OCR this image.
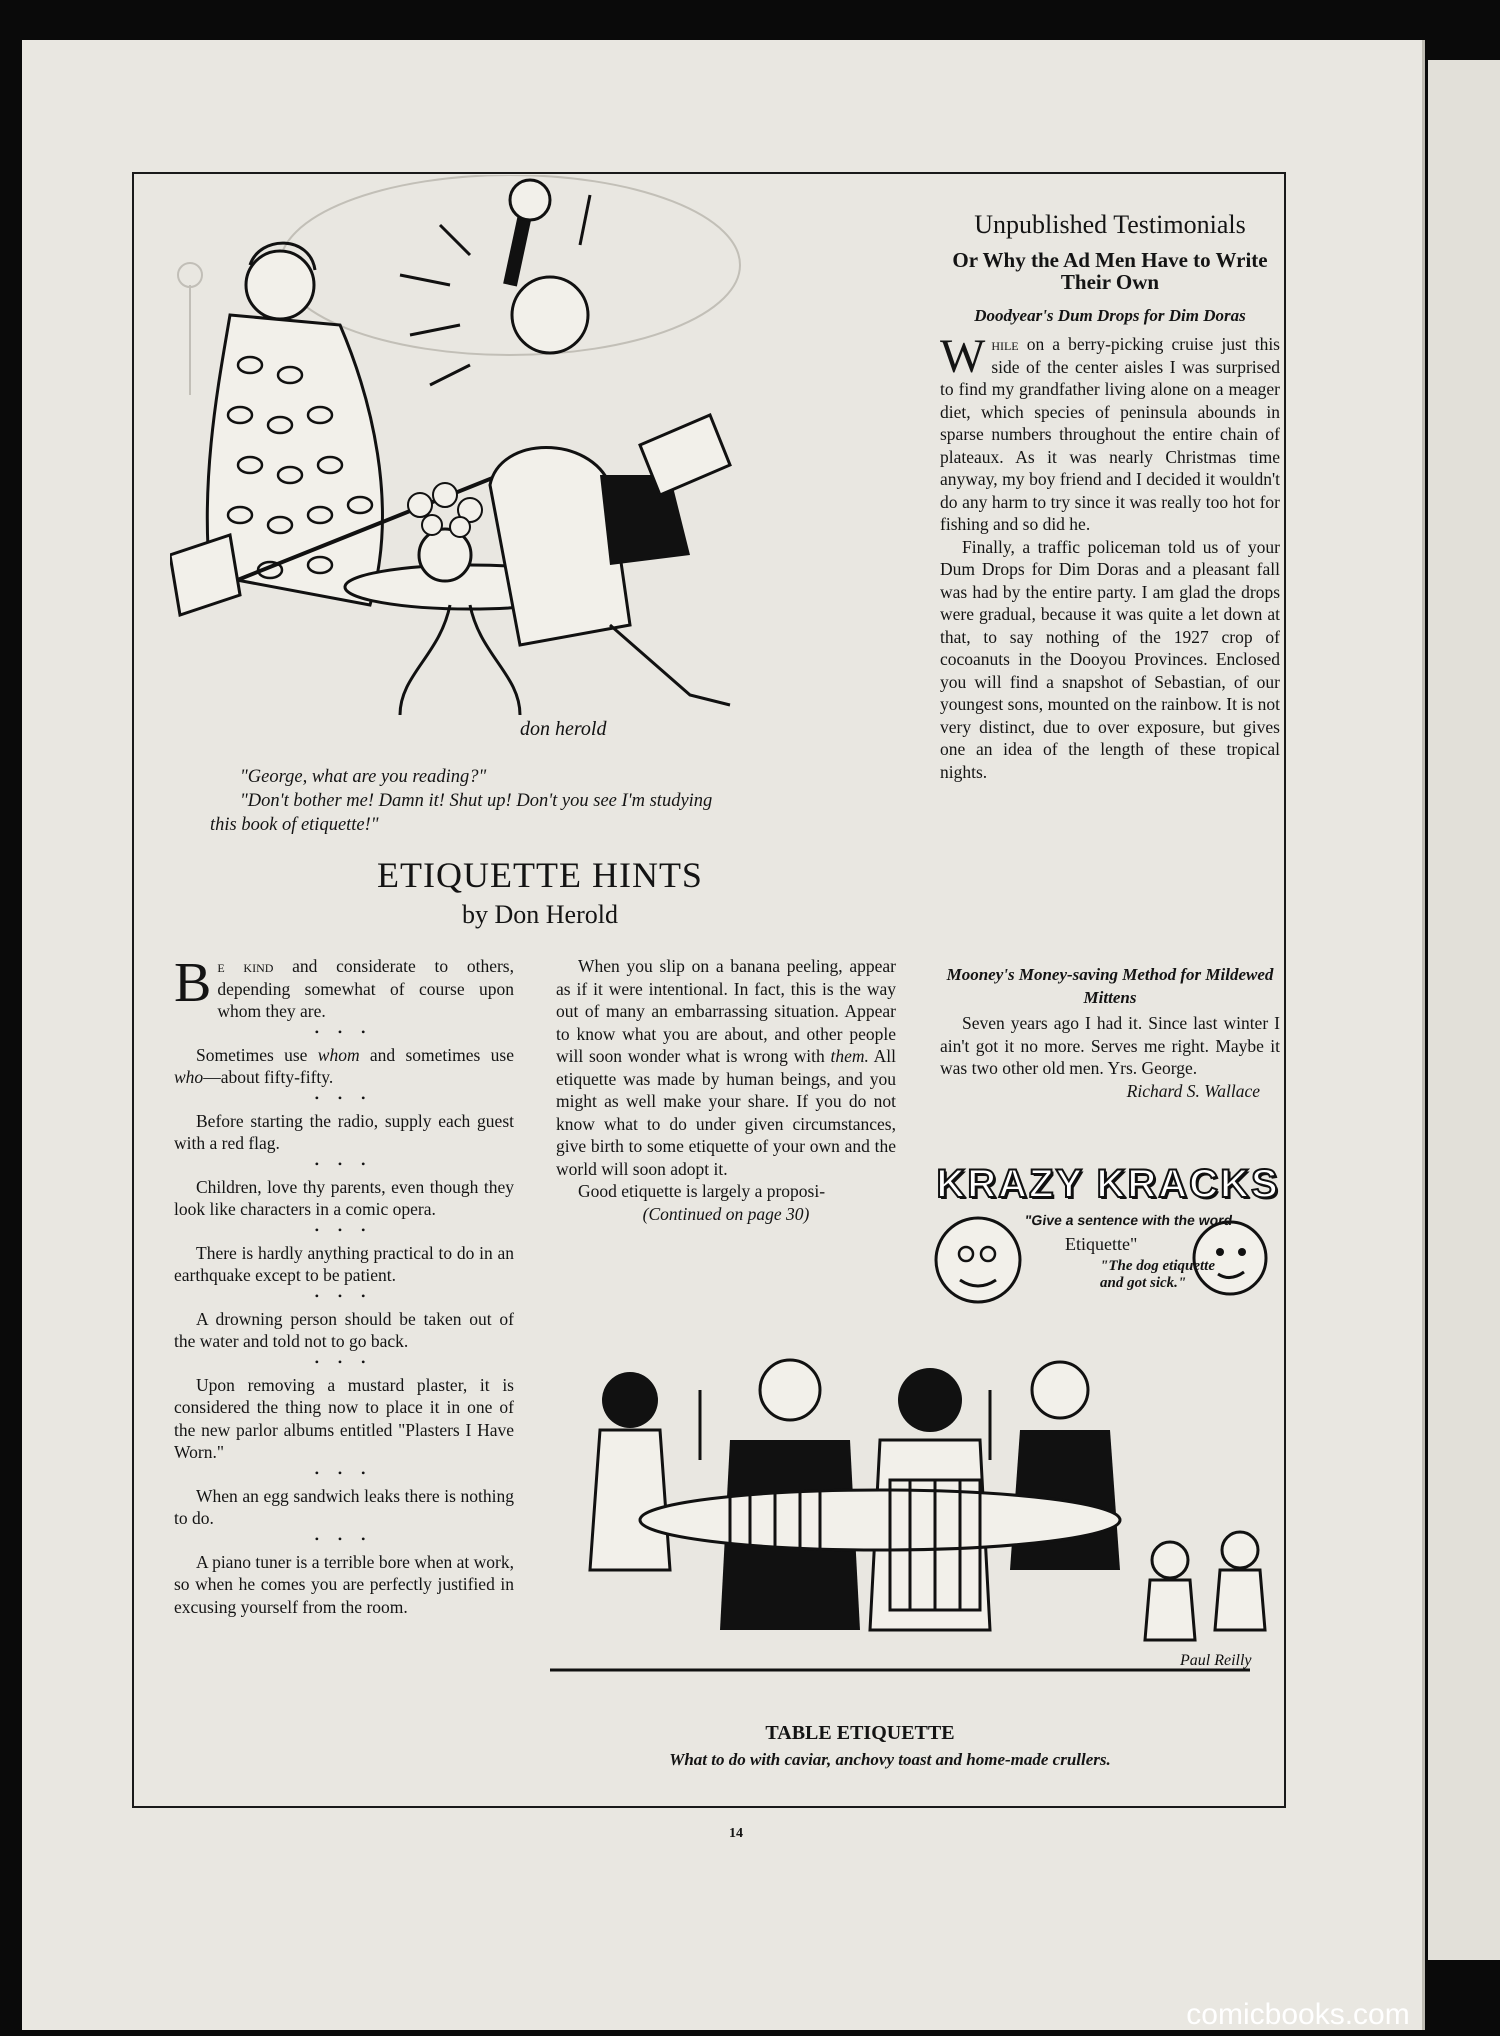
don herold
"George, what are you reading?"
"Don't bother me! Damn it! Shut up! Don't you see I'm studying
this book of etiquette!"
ETIQUETTE HINTS
by Don Herold

Be kind and considerate to others, depending somewhat of course upon whom they are.

• • •

Sometimes use whom and sometimes use who—about fifty-fifty.

• • •

Before starting the radio, supply each guest with a red flag.

• • •

Children, love thy parents, even though they look like characters in a comic opera.

• • •

There is hardly anything practical to do in an earthquake except to be patient.

• • •

A drowning person should be taken out of the water and told not to go back.

• • •

Upon removing a mustard plaster, it is considered the thing now to place it in one of the new parlor albums entitled "Plasters I Have Worn."

• • •

When an egg sandwich leaks there is nothing to do.

• • •

A piano tuner is a terrible bore when at work, so when he comes you are perfectly justified in excusing yourself from the room.

When you slip on a banana peeling, appear as if it were intentional. In fact, this is the way out of many an embarrassing situation. Appear to know what you are about, and other people will soon wonder what is wrong with them. All etiquette was made by human beings, and you might as well make your share. If you do not know what to do under given circumstances, give birth to some etiquette of your own and the world will soon adopt it.

Good etiquette is largely a proposi-

(Continued on page 30)

Unpublished Testimonials
Or Why the Ad Men Have to Write Their Own
Doodyear's Dum Drops for Dim Doras

While on a berry-picking cruise just this side of the center aisles I was surprised to find my grandfather living alone on a meager diet, which species of peninsula abounds in sparse numbers throughout the entire chain of plateaux. As it was nearly Christmas time anyway, my boy friend and I decided it wouldn't do any harm to try since it was really too hot for fishing and so did he.

Finally, a traffic policeman told us of your Dum Drops for Dim Doras and a pleasant fall was had by the entire party. I am glad the drops were gradual, because it was quite a let down at that, to say nothing of the 1927 crop of cocoanuts in the Dooyou Provinces. Enclosed you will find a snapshot of Sebastian, of our youngest sons, mounted on the rainbow. It is not very distinct, due to over exposure, but gives one an idea of the length of these tropical nights.

Mooney's Money-saving Method for Mildewed Mittens

Seven years ago I had it. Since last winter I ain't got it no more. Serves me right. Maybe it was two other old men. Yrs. George.

Richard S. Wallace

KRAZY KRACKS
"Give a sentence with the word
Etiquette"
"The dog etiquette and got sick."
Paul Reilly
TABLE ETIQUETTE
What to do with caviar, anchovy toast and home-made crullers.
14
comicbooks.com
